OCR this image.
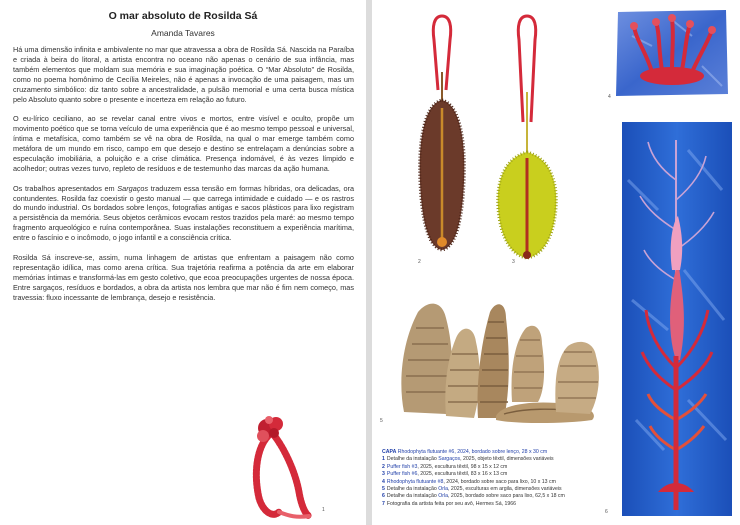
O mar absoluto de Rosilda Sá
Amanda Tavares

Há uma dimensão infinita e ambivalente no mar que atravessa a obra de Rosilda Sá. Nascida na Paraíba e criada à beira do litoral, a artista encontra no oceano não apenas o cenário de sua infância, mas também elementos que moldam sua memória e sua imaginação poética. O “Mar Absoluto” de Rosilda, como no poema homônimo de Cecília Meireles, não é apenas a invocação de uma paisagem, mas um cruzamento simbólico: diz tanto sobre a ancestralidade, a pulsão memorial e uma certa busca mística pelo Absoluto quanto sobre o presente e incerteza em relação ao futuro.

O eu-lírico ceciliano, ao se revelar canal entre vivos e mortos, entre visível e oculto, propõe um movimento poético que se torna veículo de uma experiência que é ao mesmo tempo pessoal e universal, íntima e metafísica, como também se vê na obra de Rosilda, na qual o mar emerge também como metáfora de um mundo em risco, campo em que desejo e destino se entrelaçam a denúncias sobre a especulação imobiliária, a poluição e a crise climática. Presença indomável, é às vezes límpido e acolhedor; outras vezes turvo, repleto de resíduos e de testemunho das marcas da ação humana.

Os trabalhos apresentados em Sargaços traduzem essa tensão em formas híbridas, ora delicadas, ora contundentes. Rosilda faz coexistir o gesto manual — que carrega intimidade e cuidado — e os rastros do mundo industrial. Os bordados sobre lenços, fotografias antigas e sacos plásticos para lixo registram a persistência da memória. Seus objetos cerâmicos evocam restos trazidos pela maré: ao mesmo tempo fragmento arqueológico e ruína contemporânea. Suas instalações reconstituem a experiência marítima, entre o fascínio e o incômodo, o jogo infantil e a consciência crítica.

Rosilda Sá inscreve-se, assim, numa linhagem de artistas que enfrentam a paisagem não como representação idílica, mas como arena crítica. Sua trajetória reafirma a potência da arte em elaborar memórias íntimas e transformá-las em gesto coletivo, que ecoa preocupações urgentes de nossa época. Entre sargaços, resíduos e bordados, a obra da artista nos lembra que mar não é fim nem começo, mas travessia: fluxo incessante de lembrança, desejo e resistência.

1
2	3
4
5
6
CAPA Rhodophyta flutuante #6, 2024, bordado sobre lenço, 28 x 30 cm
1 Detalhe da instalação Sargaços, 2025, objeto têxtil, dimensões variáveis
2 Puffer fish #3, 2025, escultura têxtil, 98 x 15 x 12 cm
3 Puffer fish #6, 2025, escultura têxtil, 83 x 16 x 13 cm
4 Rhodophyta flutuante #8, 2024, bordado sobre saco para lixo, 10 x 13 cm
5 Detalhe da instalação Orla, 2025, esculturas em argila, dimensões variáveis
6 Detalhe da instalação Orla, 2025, bordado sobre saco para lixo, 62,5 x 18 cm
7 Fotografia da artista feita por seu avô, Hermes Sá, 1966
